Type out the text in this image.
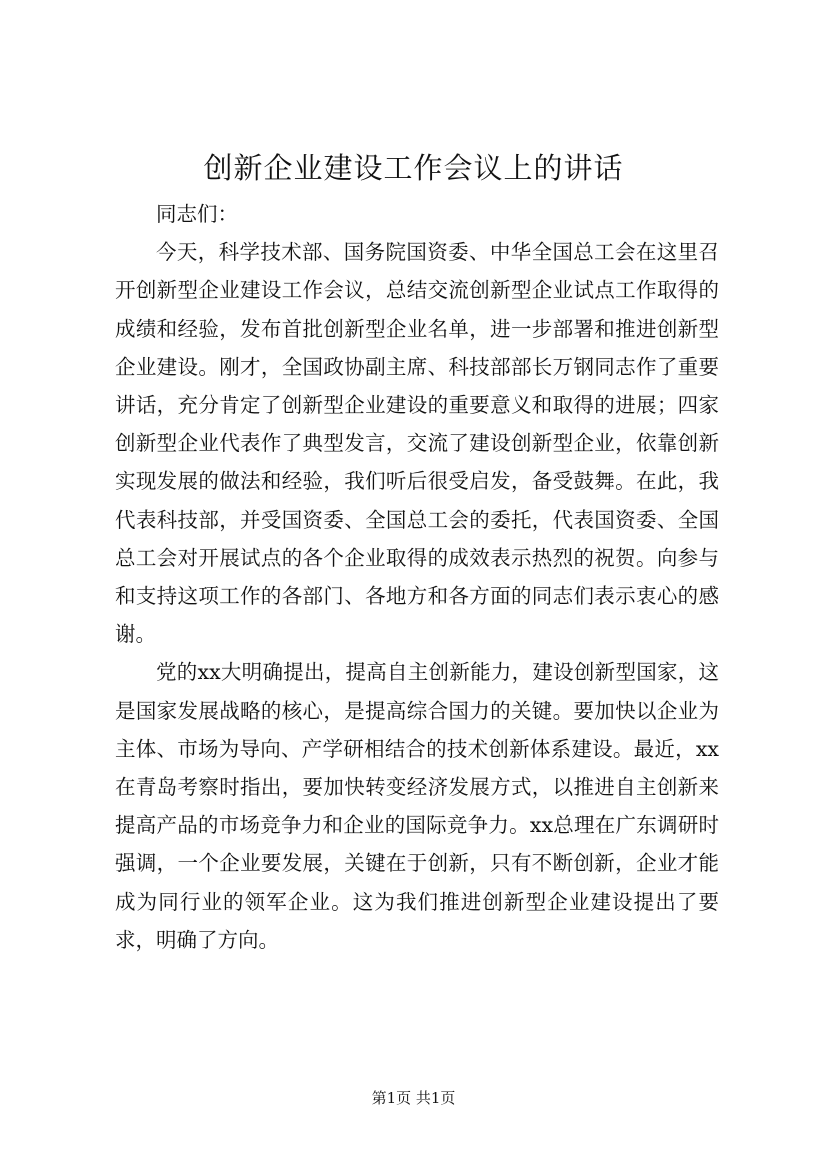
创新企业建设工作会议上的讲话

同志们：

今天，科学技术部、国务院国资委、中华全国总工会在这里召开创新型企业建设工作会议，总结交流创新型企业试点工作取得的成绩和经验，发布首批创新型企业名单，进一步部署和推进创新型企业建设。刚才，全国政协副主席、科技部部长万钢同志作了重要讲话，充分肯定了创新型企业建设的重要意义和取得的进展；四家创新型企业代表作了典型发言，交流了建设创新型企业，依靠创新实现发展的做法和经验，我们听后很受启发，备受鼓舞。在此，我代表科技部，并受国资委、全国总工会的委托，代表国资委、全国总工会对开展试点的各个企业取得的成效表示热烈的祝贺。向参与和支持这项工作的各部门、各地方和各方面的同志们表示衷心的感谢。

党的xx大明确提出，提高自主创新能力，建设创新型国家，这是国家发展战略的核心，是提高综合国力的关键。要加快以企业为主体、市场为导向、产学研相结合的技术创新体系建设。最近，xx在青岛考察时指出，要加快转变经济发展方式，以推进自主创新来提高产品的市场竞争力和企业的国际竞争力。xx总理在广东调研时强调，一个企业要发展，关键在于创新，只有不断创新，企业才能成为同行业的领军企业。这为我们推进创新型企业建设提出了要求，明确了方向。

第1页 共1页
